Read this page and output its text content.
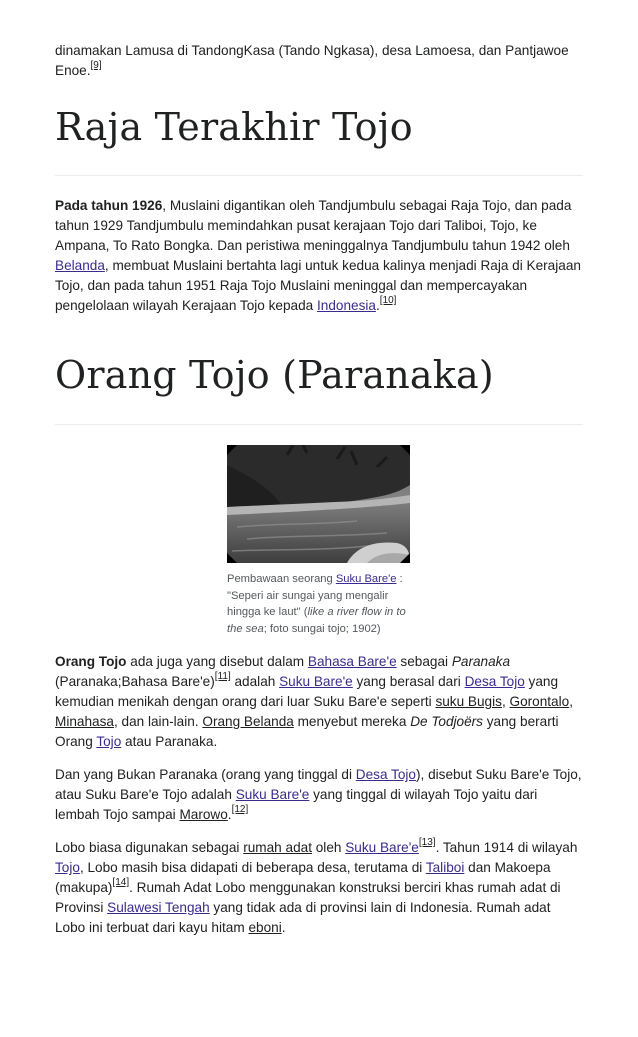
dinamakan Lamusa di TandongKasa (Tando Ngkasa), desa Lamoesa, dan Pantjawoe Enoe.[9]

Raja Terakhir Tojo

Pada tahun 1926, Muslaini digantikan oleh Tandjumbulu sebagai Raja Tojo, dan pada tahun 1929 Tandjumbulu memindahkan pusat kerajaan Tojo dari Taliboi, Tojo, ke Ampana, To Rato Bongka. Dan peristiwa meninggalnya Tandjumbulu tahun 1942 oleh Belanda, membuat Muslaini bertahta lagi untuk kedua kalinya menjadi Raja di Kerajaan Tojo, dan pada tahun 1951 Raja Tojo Muslaini meninggal dan mempercayakan pengelolaan wilayah Kerajaan Tojo kepada Indonesia.[10]

Orang Tojo (Paranaka)
Pembawaan seorang Suku Bare'e : "Seperi air sungai yang mengalir hingga ke laut" (like a river flow in to the sea; foto sungai tojo; 1902)

Orang Tojo ada juga yang disebut dalam Bahasa Bare'e sebagai Paranaka (Paranaka;Bahasa Bare'e)[11] adalah Suku Bare'e yang berasal dari Desa Tojo yang kemudian menikah dengan orang dari luar Suku Bare'e seperti suku Bugis, Gorontalo, Minahasa, dan lain-lain. Orang Belanda menyebut mereka De Todjoërs yang berarti Orang Tojo atau Paranaka.

Dan yang Bukan Paranaka (orang yang tinggal di Desa Tojo), disebut Suku Bare'e Tojo, atau Suku Bare'e Tojo adalah Suku Bare'e yang tinggal di wilayah Tojo yaitu dari lembah Tojo sampai Marowo.[12]

Lobo biasa digunakan sebagai rumah adat oleh Suku Bare'e[13]. Tahun 1914 di wilayah Tojo, Lobo masih bisa didapati di beberapa desa, terutama di Taliboi dan Makoepa (makupa)[14]. Rumah Adat Lobo menggunakan konstruksi berciri khas rumah adat di Provinsi Sulawesi Tengah yang tidak ada di provinsi lain di Indonesia. Rumah adat Lobo ini terbuat dari kayu hitam eboni.
